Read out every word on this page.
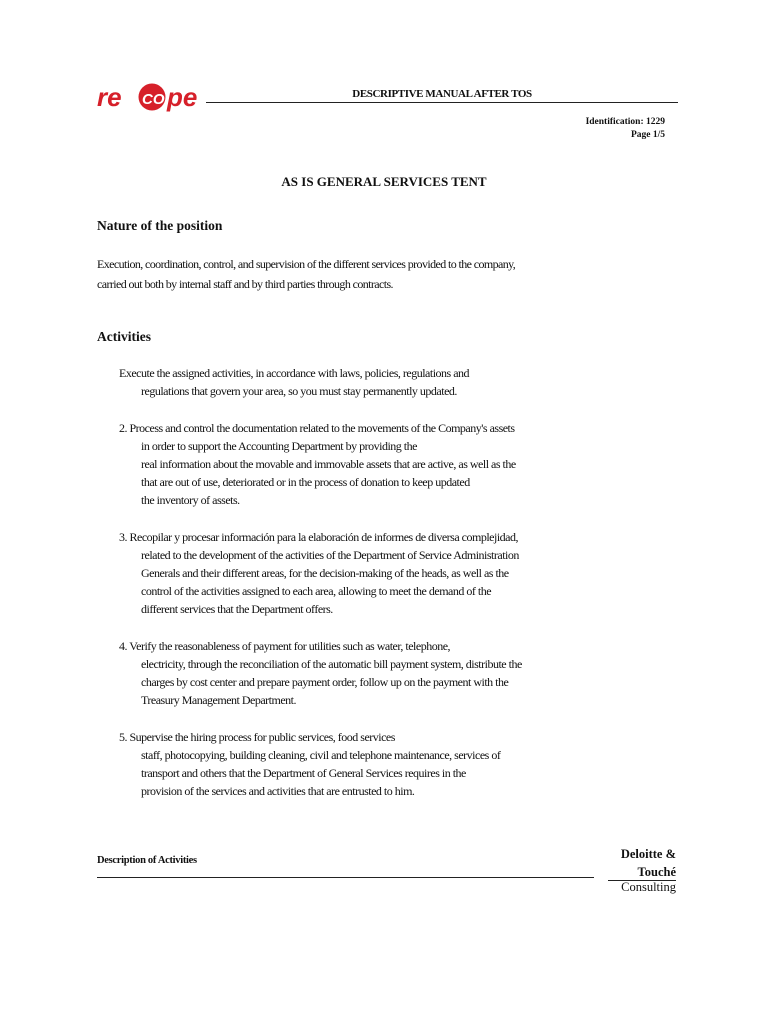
re CO pe	DESCRIPTIVE MANUAL AFTER TOS
Identification: 1229
Page 1/5
AS IS GENERAL SERVICES TENT
Nature of the position
Execution, coordination, control, and supervision of the different services provided to the company,
carried out both by internal staff and by third parties through contracts.
Activities
Execute the assigned activities, in accordance with laws, policies, regulations and
regulations that govern your area, so you must stay permanently updated.
2. Process and control the documentation related to the movements of the Company's assets
in order to support the Accounting Department by providing the
real information about the movable and immovable assets that are active, as well as the
that are out of use, deteriorated or in the process of donation to keep updated
the inventory of assets.
3. Recopilar y procesar información para la elaboración de informes de diversa complejidad,
related to the development of the activities of the Department of Service Administration
Generals and their different areas, for the decision-making of the heads, as well as the
control of the activities assigned to each area, allowing to meet the demand of the
different services that the Department offers.
4. Verify the reasonableness of payment for utilities such as water, telephone,
electricity, through the reconciliation of the automatic bill payment system, distribute the
charges by cost center and prepare payment order, follow up on the payment with the
Treasury Management Department.
5. Supervise the hiring process for public services, food services
staff, photocopying, building cleaning, civil and telephone maintenance, services of
transport and others that the Department of General Services requires in the
provision of the services and activities that are entrusted to him.
Description of Activities	Deloitte &
Touché
Consulting
